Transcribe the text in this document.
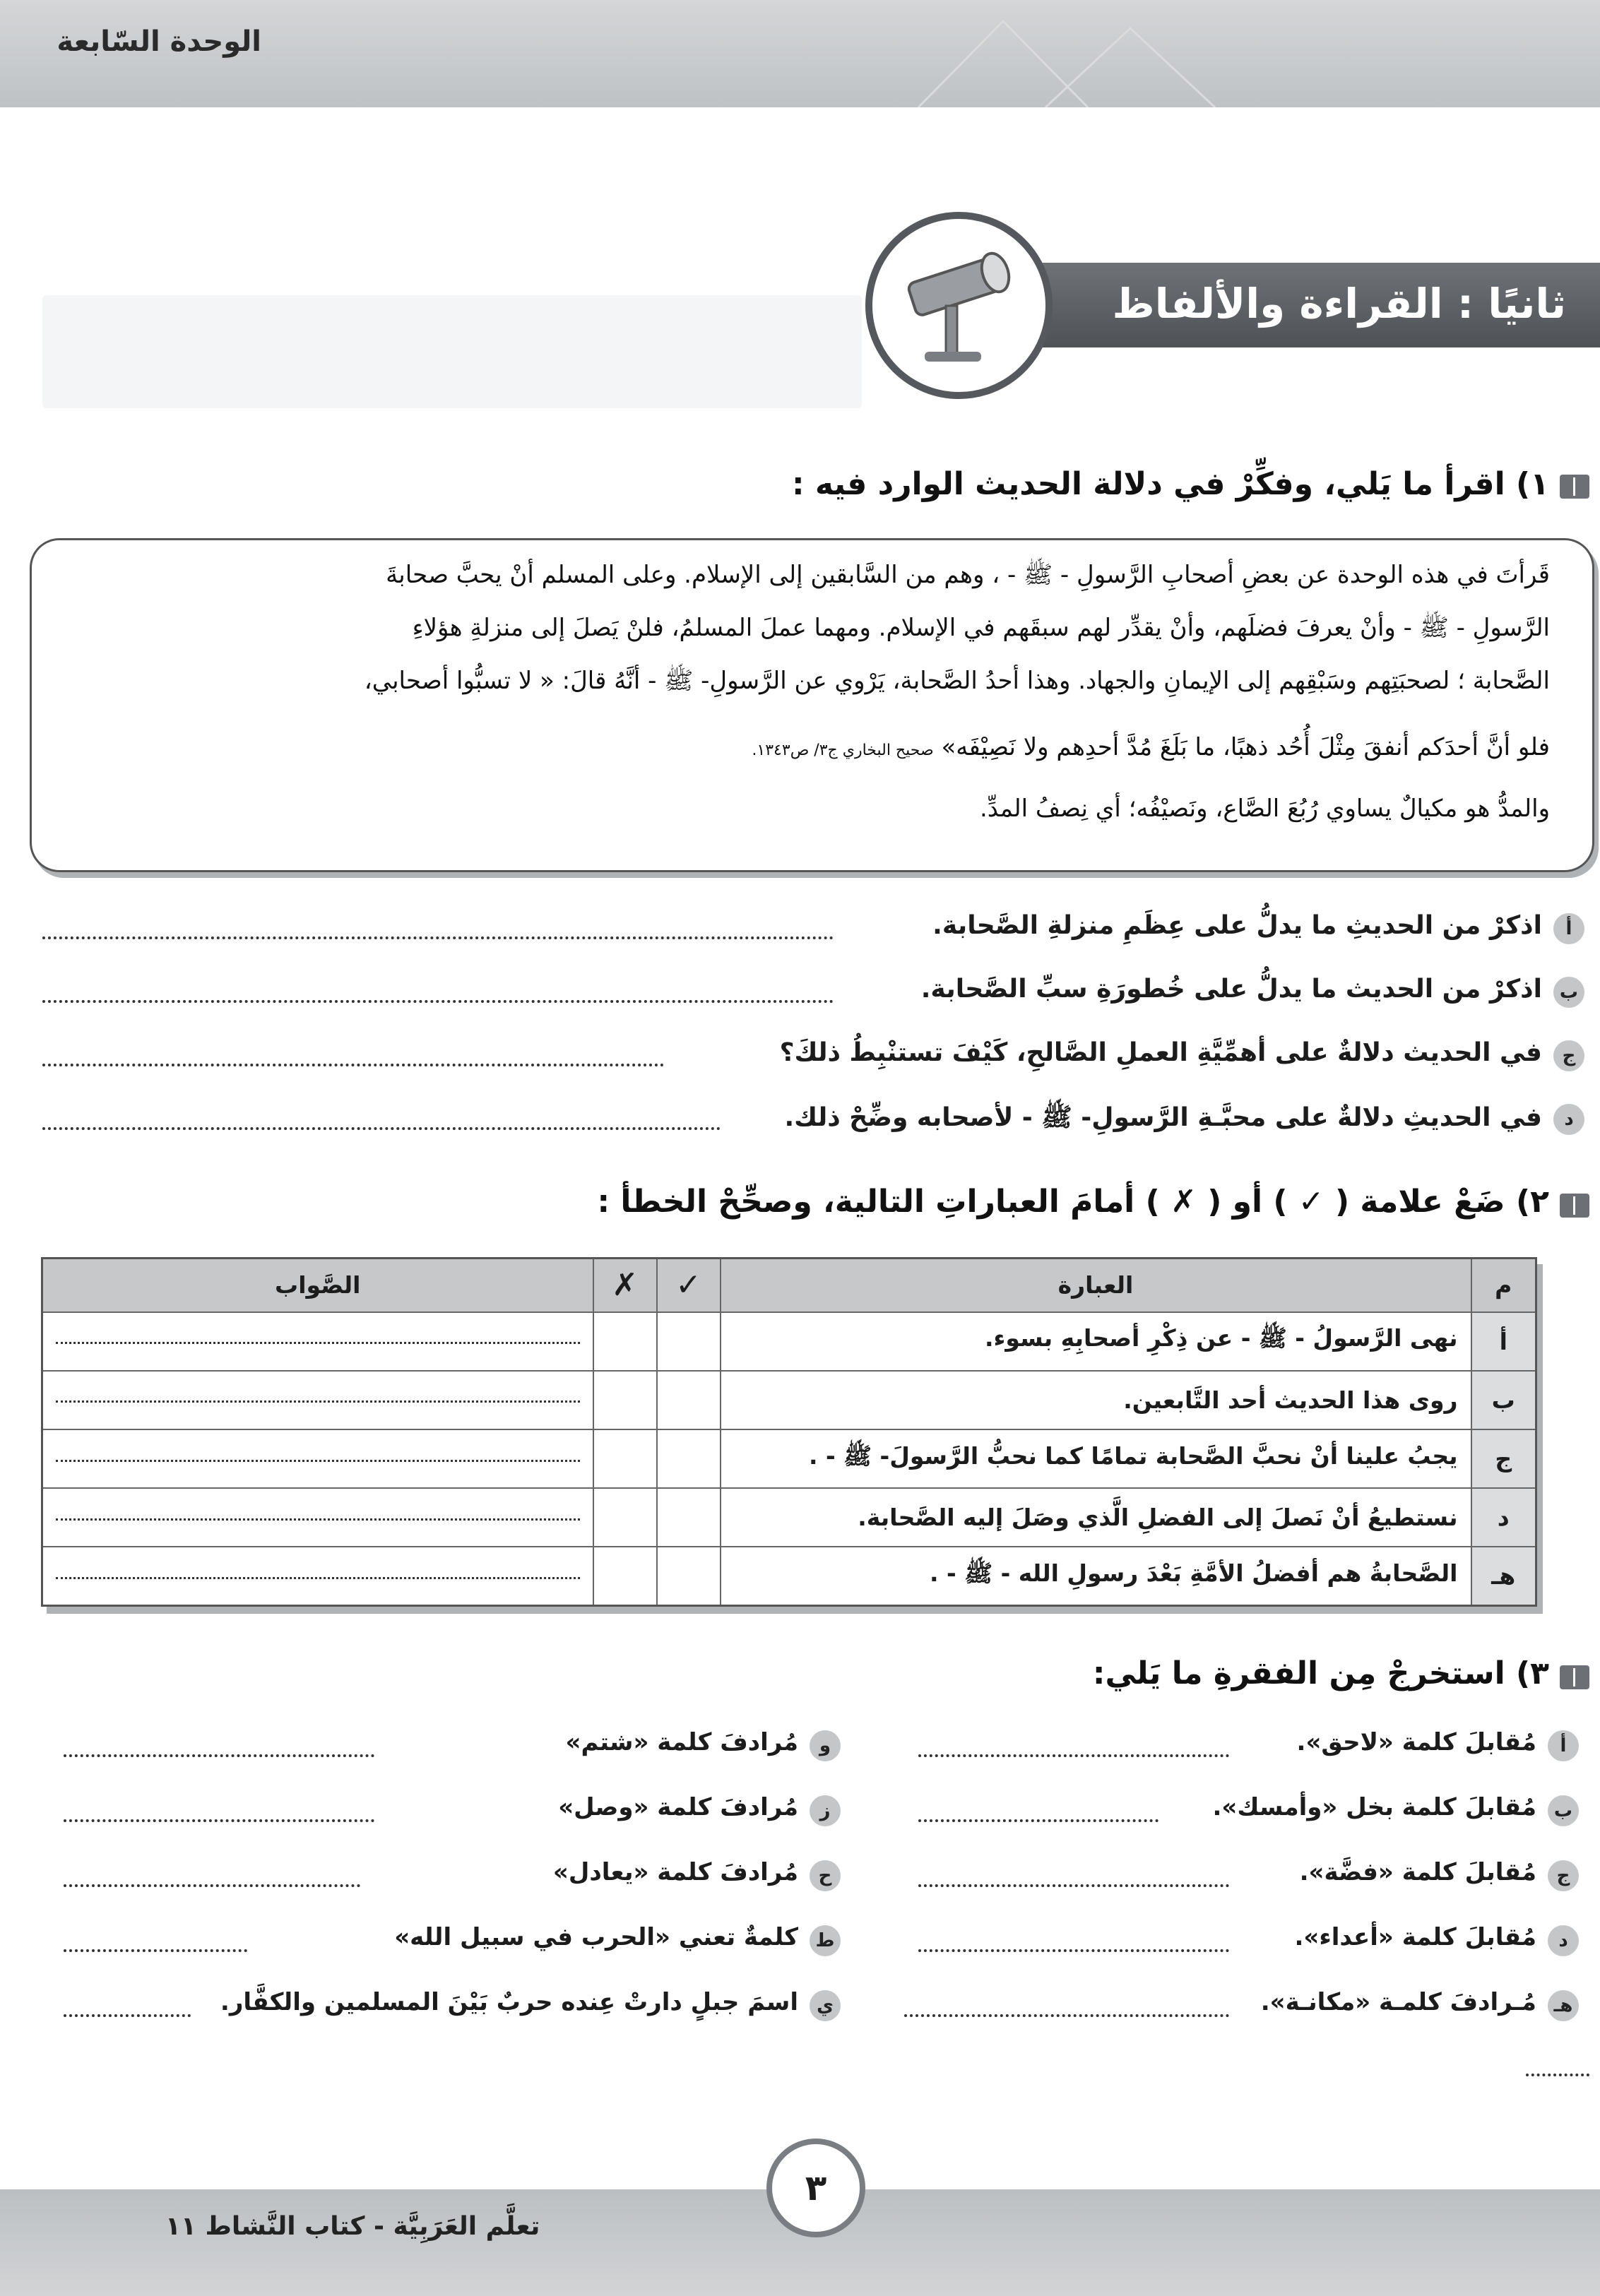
الوحدة السّابعة
ثانيًا : القراءة والألفاظ
١) اقرأ ما يَلي، وفكِّرْ في دلالة الحديث الوارد فيه :
قَرأتَ في هذه الوحدة عن بعضِ أصحابِ الرَّسولِ - ﷺ - ، وهم من السَّابقين إلى الإسلام. وعلى المسلم أنْ يحبَّ صحابةَ
الرَّسولِ - ﷺ - وأنْ يعرفَ فضلَهم، وأنْ يقدِّر لهم سبقَهم في الإسلام. ومهما عملَ المسلمُ، فلنْ يَصلَ إلى منزلةِ هؤلاءِ
الصَّحابة ؛ لصحبَتِهم وسَبْقِهم إلى الإيمانِ والجهاد. وهذا أحدُ الصَّحابة، يَرْوي عن الرَّسولِ- ﷺ - أنَّهُ قالَ: « لا تسبُّوا أصحابي،
فلو أنَّ أحدَكم أنفقَ مِثْلَ أُحُد ذهبًا، ما بَلَغَ مُدَّ أحدِهم ولا نَصِيْفَه» صحيح البخاري ج٣/ ص١٣٤٣.
والمدُّ هو مكيالٌ يساوي رُبُعَ الصَّاع، ونَصيْفُه؛ أي نِصفُ المدِّ.
أ
اذكرْ من الحديثِ ما يدلُّ على عِظَمِ منزلةِ الصَّحابة.
ب
اذكرْ من الحديث ما يدلُّ على خُطورَةِ سبِّ الصَّحابة.
ج
في الحديث دلالةٌ على أهمِّيَّةِ العملِ الصَّالحِ، كَيْفَ تستنْبِطُ ذلكَ؟
د
في الحديثِ دلالةٌ على محبَّـةِ الرَّسولِ- ﷺ - لأصحابه وضِّحْ ذلك.
٢) ضَعْ علامة ( ✓ ) أو ( ✗ ) أمامَ العباراتِ التالية، وصحِّحْ الخطأ :
م	العبارة	✓	✗	الصَّواب
أ	نهى الرَّسولُ - ﷺ - عن ذِكْرِ أصحابِهِ بسوء.			

ب	روى هذا الحديث أحد التَّابعين.			

ج	يجبُ علينا أنْ نحبَّ الصَّحابة تمامًا كما نحبُّ الرَّسولَ- ﷺ - .			

د	نستطيعُ أنْ نَصلَ إلى الفضلِ الَّذي وصَلَ إليه الصَّحابة.			

هـ	الصَّحابةُ هم أفضلُ الأمَّةِ بَعْدَ رسولِ الله - ﷺ - .			
٣) استخرجْ مِن الفقرةِ ما يَلي:
أ
مُقابلَ كلمة «لاحق».
ب
مُقابلَ كلمة بخل «وأمسك».
ج
مُقابلَ كلمة «فضَّة».
د
مُقابلَ كلمة «أعداء».
هـ
مُـرادفَ كلمـة «مكانـة».
و
مُرادفَ كلمة «شتم»
ز
مُرادفَ كلمة «وصل»
ح
مُرادفَ كلمة «يعادل»
ط
كلمةٌ تعني «الحرب في سبيل الله»
ي
اسمَ جبلٍ دارتْ عِنده حربٌ بَيْنَ المسلمين والكفَّار.
٣
تعلَّم العَرَبِيَّة - كتاب النَّشاط ١١
